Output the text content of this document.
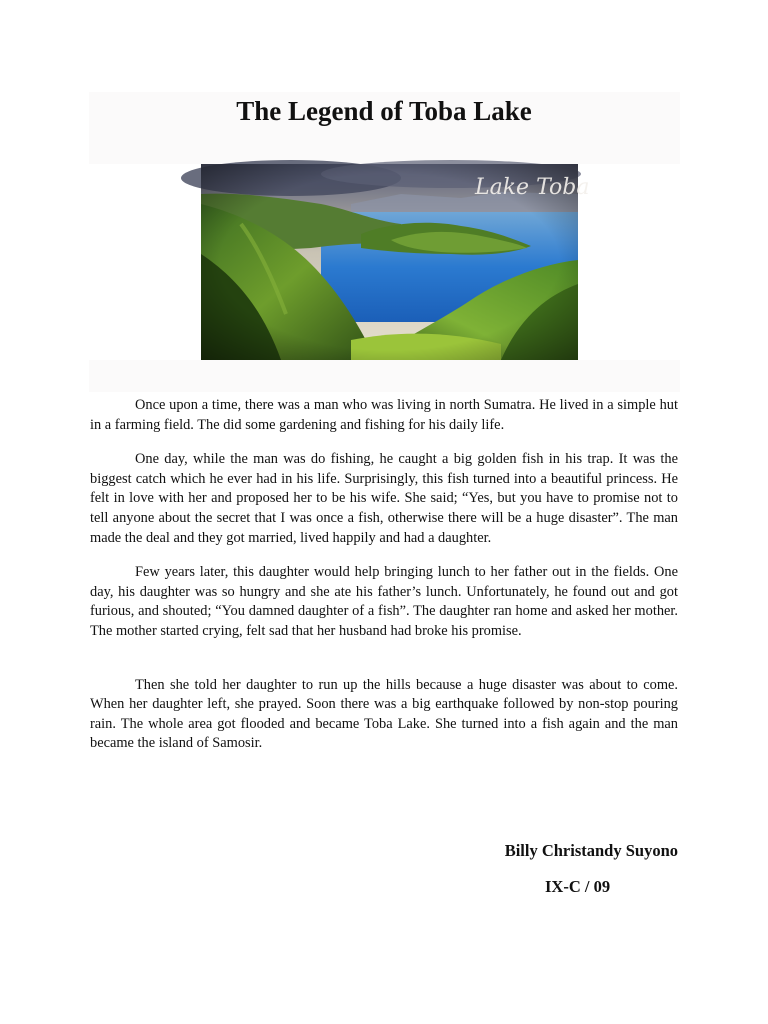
The Legend of Toba Lake
Lake Toba

Once upon a time, there was a man who was living in north Sumatra. He lived in a simple hut in a farming field. The did some gardening and fishing for his daily life.

One day, while the man was do fishing, he caught a big golden fish in his trap. It was the biggest catch which he ever had in his life. Surprisingly, this fish turned into a beautiful princess. He felt in love with her and proposed her to be his wife. She said; “Yes, but you have to promise not to tell anyone about the secret that I was once a fish, otherwise there will be a huge disaster”. The man made the deal and they got married, lived happily and had a daughter.

Few years later, this daughter would help bringing lunch to her father out in the fields. One day, his daughter was so hungry and she ate his father’s lunch. Unfortunately, he found out and got furious, and shouted; “You damned daughter of a fish”. The daughter ran home and asked her mother. The mother started crying, felt sad that her husband had broke his promise.

Then she told her daughter to run up the hills because a huge disaster was about to come. When her daughter left, she prayed. Soon there was a big earthquake followed by non-stop pouring rain. The whole area got flooded and became Toba Lake. She turned into a fish again and the man became the island of Samosir.

Billy Christandy Suyono

IX-C / 09
